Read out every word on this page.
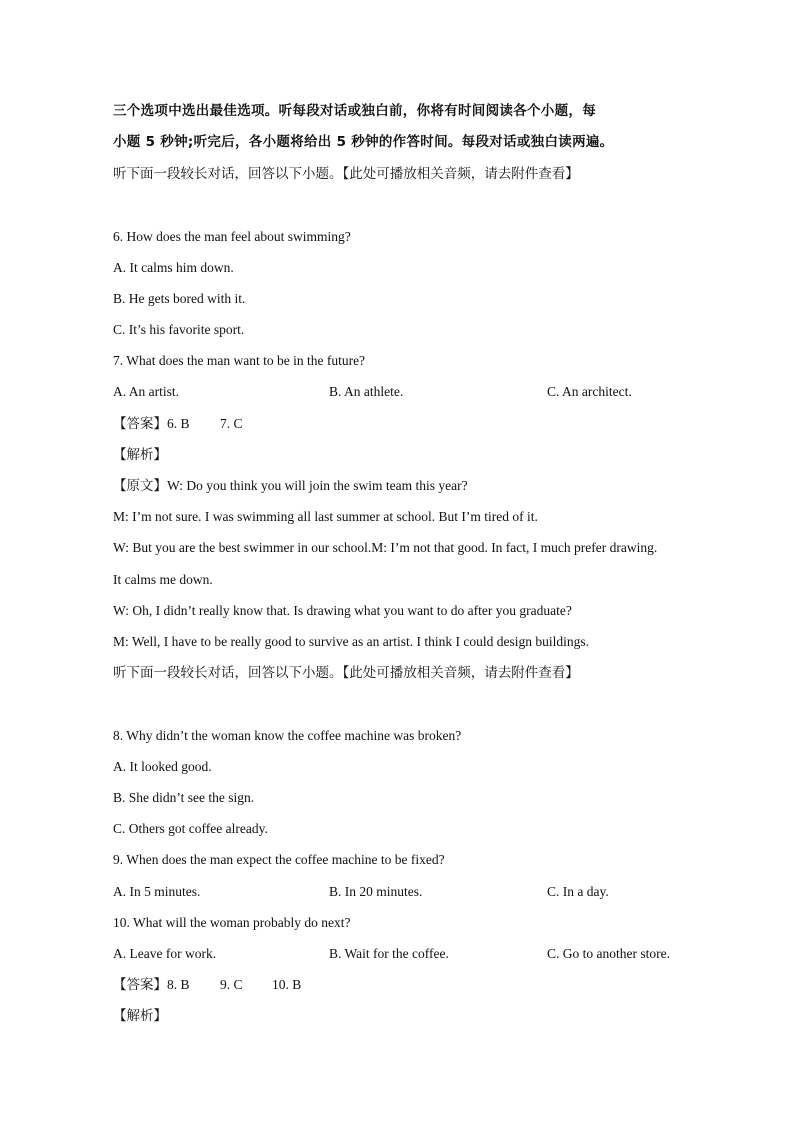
三个选项中选出最佳选项。听每段对话或独白前，你将有时间阅读各个小题，每
小题 5 秒钟;听完后，各小题将给出 5 秒钟的作答时间。每段对话或独白读两遍。
听下面一段较长对话，回答以下小题。【此处可播放相关音频，请去附件查看】
6. How does the man feel about swimming?
A. It calms him down.
B. He gets bored with it.
C. It’s his favorite sport.
7. What does the man want to be in the future?
A. An artist.	B. An athlete.	C. An architect.
【答案】6. B 7. C
【解析】
【原文】W: Do you think you will join the swim team this year?
M: I’m not sure. I was swimming all last summer at school. But I’m tired of it.
W: But you are the best swimmer in our school.M: I’m not that good. In fact, I much prefer drawing.
It calms me down.
W: Oh, I didn’t really know that. Is drawing what you want to do after you graduate?
M: Well, I have to be really good to survive as an artist. I think I could design buildings.
听下面一段较长对话，回答以下小题。【此处可播放相关音频，请去附件查看】
8. Why didn’t the woman know the coffee machine was broken?
A. It looked good.
B. She didn’t see the sign.
C. Others got coffee already.
9. When does the man expect the coffee machine to be fixed?
A. In 5 minutes.	B. In 20 minutes.	C. In a day.
10. What will the woman probably do next?
A. Leave for work.	B. Wait for the coffee.	C. Go to another store.
【答案】8. B 9. C 10. B
【解析】
